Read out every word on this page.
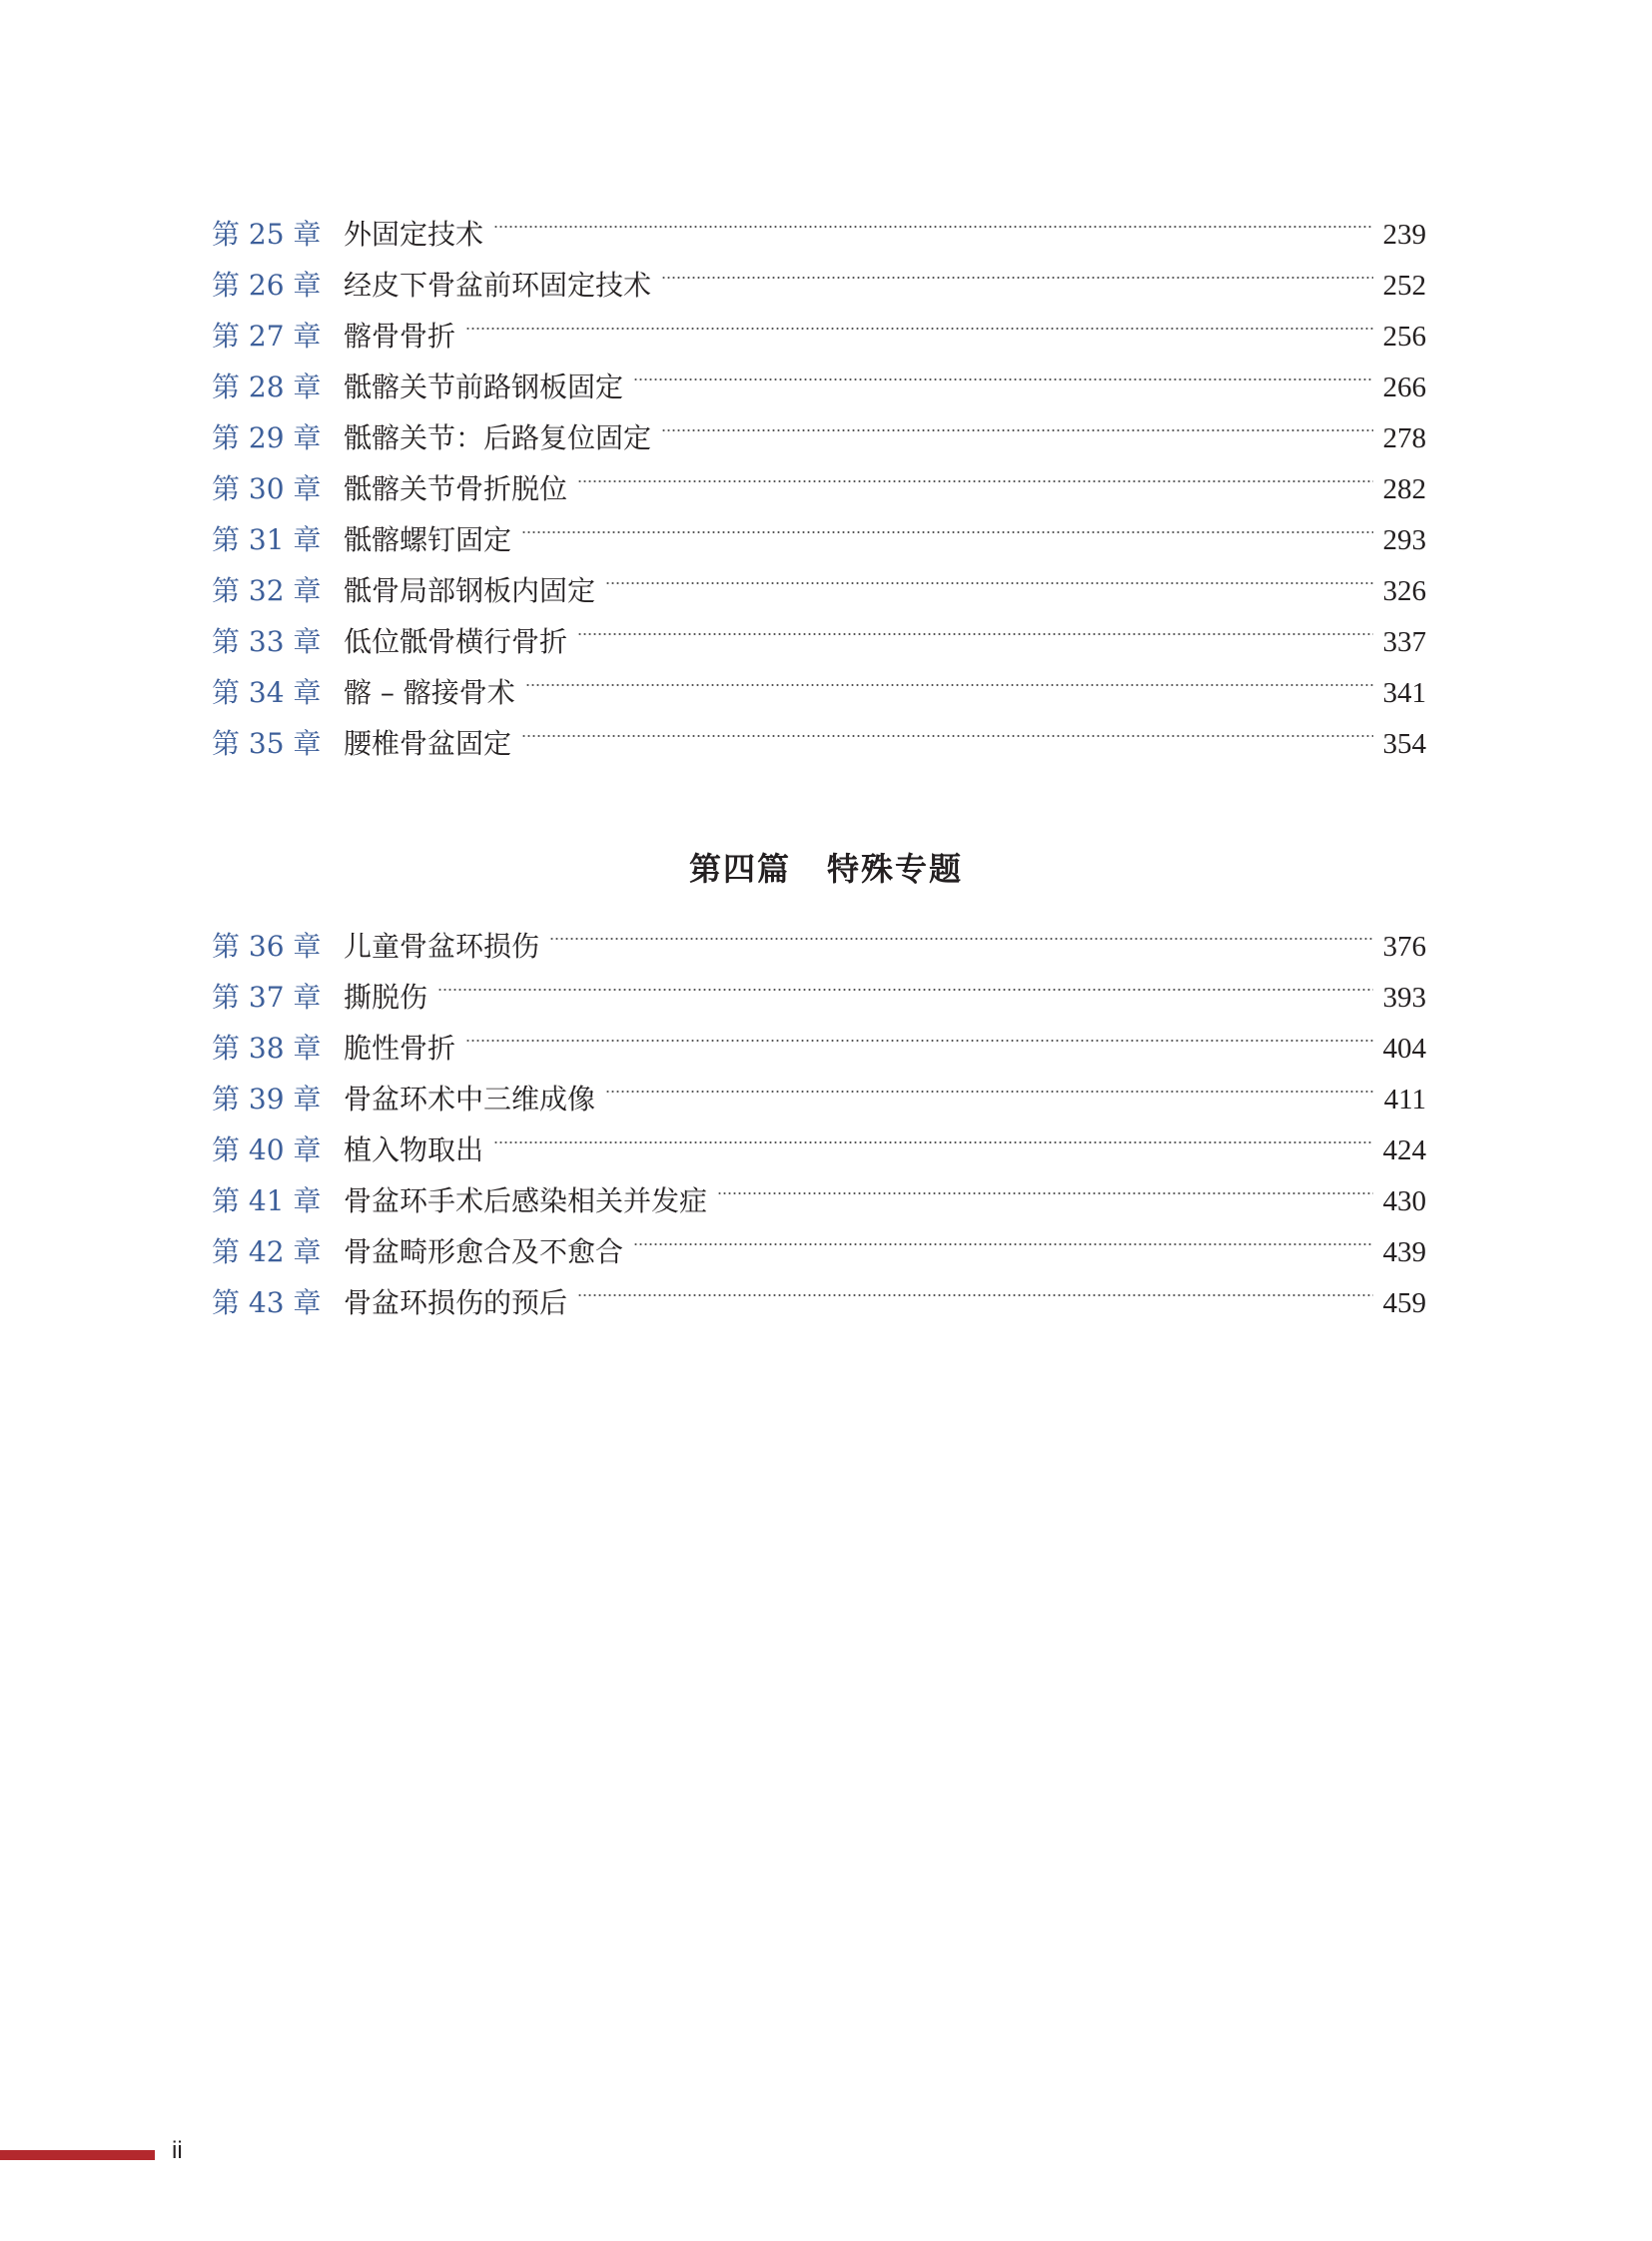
第 25 章 外固定技术	239
第 26 章 经皮下骨盆前环固定技术	252
第 27 章 髂骨骨折	256
第 28 章 骶髂关节前路钢板固定	266
第 29 章 骶髂关节：后路复位固定	278
第 30 章 骶髂关节骨折脱位	282
第 31 章 骶髂螺钉固定	293
第 32 章 骶骨局部钢板内固定	326
第 33 章 低位骶骨横行骨折	337
第 34 章 髂 – 髂接骨术	341
第 35 章 腰椎骨盆固定	354
第四篇 特殊专题
第 36 章 儿童骨盆环损伤	376
第 37 章 撕脱伤	393
第 38 章 脆性骨折	404
第 39 章 骨盆环术中三维成像	411
第 40 章 植入物取出	424
第 41 章 骨盆环手术后感染相关并发症	430
第 42 章 骨盆畸形愈合及不愈合	439
第 43 章 骨盆环损伤的预后	459
ii
